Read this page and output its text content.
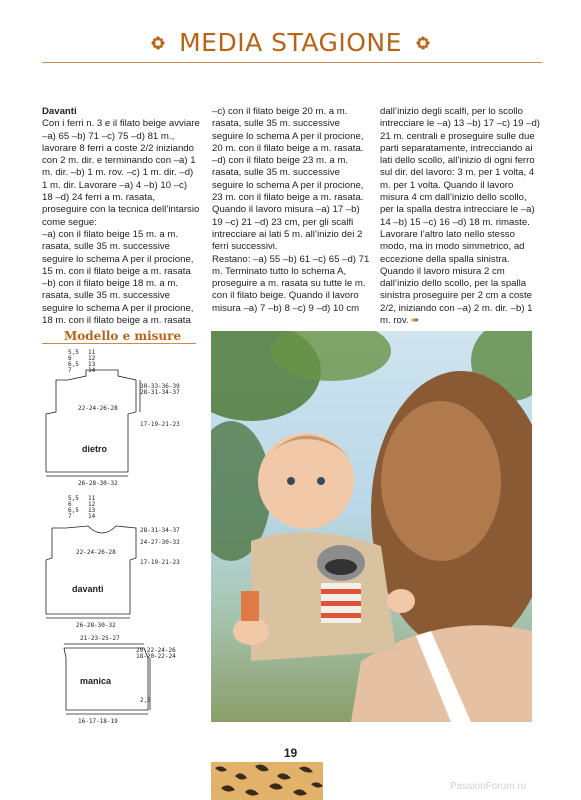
MEDIA STAGIONE

Davanti

Con i ferri n. 3 e il filato beige avviare –a) 65 –b) 71 –c) 75 –d) 81 m., lavorare 8 ferri a coste 2/2 iniziando con 2 m. dir. e terminando con –a) 1 m. dir. –b) 1 m. rov. –c) 1 m. dir. –d) 1 m. dir. Lavorare –a) 4 –b) 10 –c) 18 –d) 24 ferri a m. rasata, proseguire con la tecnica dell’intarsio come segue:

–a) con il filato beige 15 m. a m. rasata, sulle 35 m. successive seguire lo schema A per il procione, 15 m. con il filato beige a m. rasata

–b) con il filato beige 18 m. a m. rasata, sulle 35 m. successive seguire lo schema A per il procione, 18 m. con il filato beige a m. rasata

–c) con il filato beige 20 m. a m. rasata, sulle 35 m. successive seguire lo schema A per il procione, 20 m. con il filato beige a m. rasata.

–d) con il filato beige 23 m. a m. rasata, sulle 35 m. successive seguire lo schema A per il procione, 23 m. con il filato beige a m. rasata.

Quando il lavoro misura –a) 17 –b) 19 –c) 21 –d) 23 cm, per gli scalfi intrecciare ai lati 5 m. all’inizio dei 2 ferri successivi.

Restano: –a) 55 –b) 61 –c) 65 –d) 71 m. Terminato tutto lo schema A, proseguire a m. rasata su tutte le m. con il filato beige. Quando il lavoro misura –a) 7 –b) 8 –c) 9 –d) 10 cm

dall’inizio degli scalfi, per lo scollo intrecciare le –a) 13 –b) 17 –c) 19 –d) 21 m. centrali e proseguire sulle due parti separatamente, intrecciando ai lati dello scollo, all’inizio di ogni ferro sul dir. del lavoro: 3 m. per 1 volta, 4 m. per 1 volta. Quando il lavoro misura 4 cm dall’inizio dello scollo, per la spalla destra intrecciare le –a) 14 –b) 15 –c) 16 –d) 18 m. rimaste. Lavorare l’altro lato nello stesso modo, ma in modo simmetrico, ad eccezione della spalla sinistra. Quando il lavoro misura 2 cm dall’inizio dello scollo, per la spalla sinistra proseguire per 2 cm a coste 2/2, iniziando con –a) 2 m. dir. –b) 1 m. rov. ➠

Modello e misure
5,5
6
6,5
7
11
12
13
14
30-33-36-39
28-31-34-37
22-24-26-28
17-19-21-23
dietro
26-28-30-32
5,5
6
6,5
7
11
12
13
14
28-31-34-37
24-27-30-33
22-24-26-28
17-19-21-23
davanti
26-28-30-32
21-23-25-27
20-22-24-26
18-20-22-24
manica
2,5
16-17-18-19
19
PassionForum.ru
